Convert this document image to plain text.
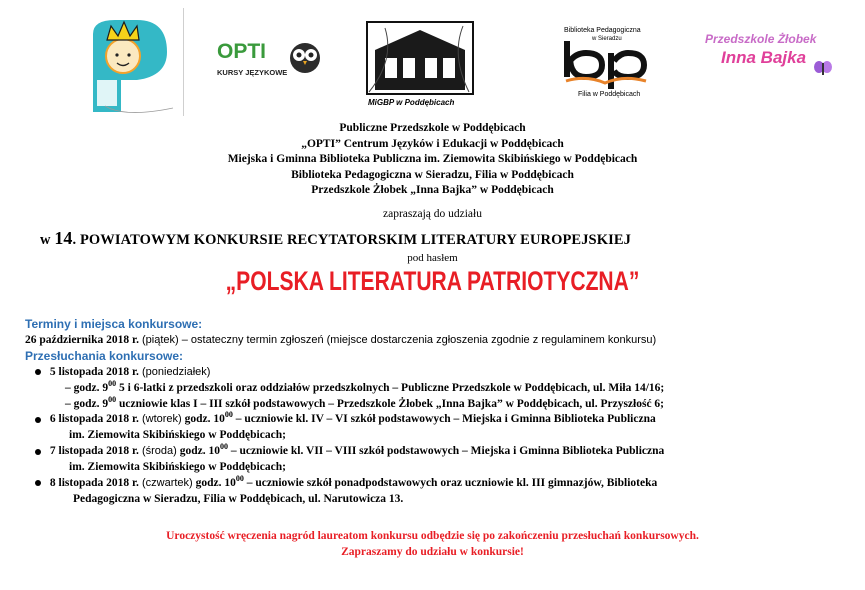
OPTI
KURSY JĘZYKOWE
MiGBP w Poddębicach
Biblioteka Pedagogiczna
w Sieradzu
Filia w Poddębicach
Przedszkole Żłobek
Inna Bajka
Publiczne Przedszkole w Poddębicach
„OPTI” Centrum Języków i Edukacji w Poddębicach
Miejska i Gminna Biblioteka Publiczna im. Ziemowita Skibińskiego w Poddębicach
Biblioteka Pedagogiczna w Sieradzu, Filia w Poddębicach
Przedszkole Żłobek „Inna Bajka” w Poddębicach
zapraszają do udziału
w 14. POWIATOWYM KONKURSIE RECYTATORSKIM LITERATURY EUROPEJSKIEJ
pod hasłem
„POLSKA LITERATURA PATRIOTYCZNA”
Terminy i miejsca konkursowe:
26 października 2018 r. (piątek) – ostateczny termin zgłoszeń (miejsce dostarczenia zgłoszenia zgodnie z regulaminem konkursu)
Przesłuchania konkursowe:
5 listopada 2018 r. (poniedziałek)
– godz. $9^{00}$ 5 i 6-latki z przedszkoli oraz oddziałów przedszkolnych – Publiczne Przedszkole w Poddębicach, ul. Miła 14/16;
– godz. $9^{00}$ uczniowie klas I – III szkół podstawowych – Przedszkole Żłobek „Inna Bajka” w Poddębicach, ul. Przyszłość 6;
6 listopada 2018 r. (wtorek) godz. $10^{00}$ – uczniowie kl. IV – VI szkół podstawowych – Miejska i Gminna Biblioteka Publiczna
im. Ziemowita Skibińskiego w Poddębicach;
7 listopada 2018 r. (środa) godz. $10^{00}$ – uczniowie kl. VII – VIII szkół podstawowych – Miejska i Gminna Biblioteka Publiczna
im. Ziemowita Skibińskiego w Poddębicach;
8 listopada 2018 r. (czwartek) godz. $10^{00}$ – uczniowie szkół ponadpodstawowych oraz uczniowie kl. III gimnazjów, Biblioteka
Pedagogiczna w Sieradzu, Filia w Poddębicach, ul. Narutowicza 13.
Uroczystość wręczenia nagród laureatom konkursu odbędzie się po zakończeniu przesłuchań konkursowych.
Zapraszamy do udziału w konkursie!
